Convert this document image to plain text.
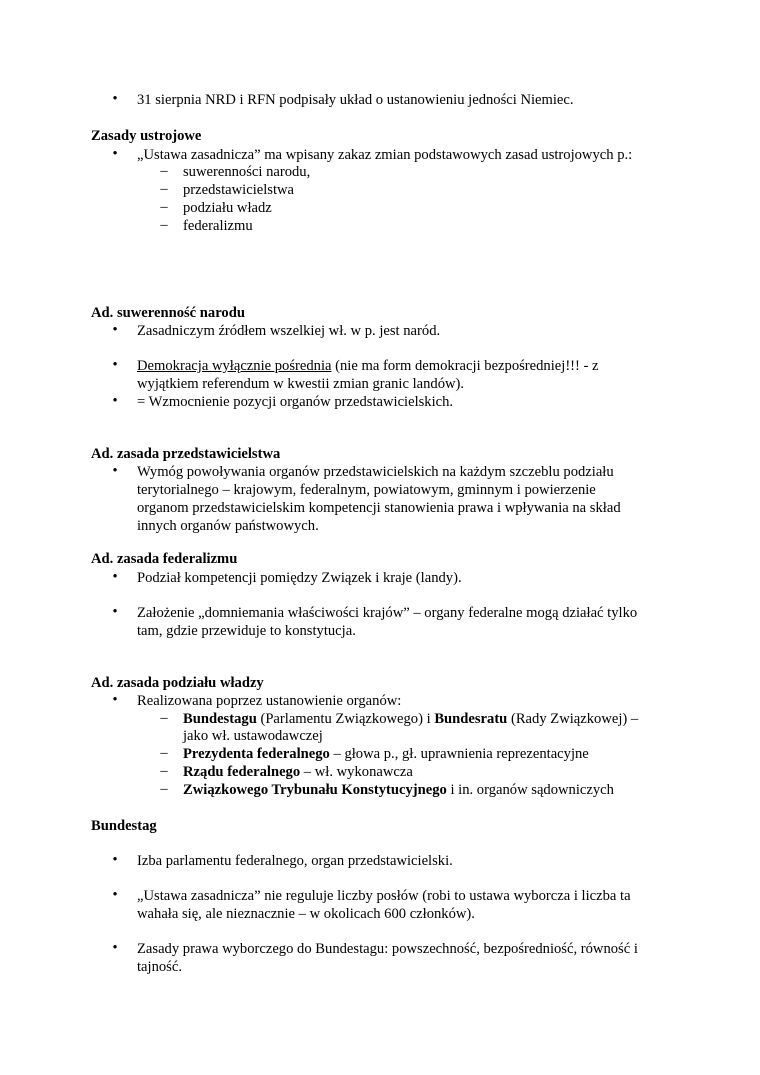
• 31 sierpnia NRD i RFN podpisały układ o ustanowieniu jedności Niemiec.
Zasady ustrojowe
• „Ustawa zasadnicza” ma wpisany zakaz zmian podstawowych zasad ustrojowych p.:
– suwerenności narodu,
– przedstawicielstwa
– podziału władz
– federalizmu
Ad. suwerenność narodu
• Zasadniczym źródłem wszelkiej wł. w p. jest naród.
• Demokracja wyłącznie pośrednia (nie ma form demokracji bezpośredniej!!! - z
wyjątkiem referendum w kwestii zmian granic landów).
• = Wzmocnienie pozycji organów przedstawicielskich.
Ad. zasada przedstawicielstwa
• Wymóg powoływania organów przedstawicielskich na każdym szczeblu podziału
terytorialnego – krajowym, federalnym, powiatowym, gminnym i powierzenie
organom przedstawicielskim kompetencji stanowienia prawa i wpływania na skład
innych organów państwowych.
Ad. zasada federalizmu
• Podział kompetencji pomiędzy Związek i kraje (landy).
• Założenie „domniemania właściwości krajów” – organy federalne mogą działać tylko
tam, gdzie przewiduje to konstytucja.
Ad. zasada podziału władzy
• Realizowana poprzez ustanowienie organów:
– Bundestagu (Parlamentu Związkowego) i Bundesratu (Rady Związkowej) –
jako wł. ustawodawczej
– Prezydenta federalnego – głowa p., gł. uprawnienia reprezentacyjne
– Rządu federalnego – wł. wykonawcza
– Związkowego Trybunału Konstytucyjnego i in. organów sądowniczych
Bundestag
• Izba parlamentu federalnego, organ przedstawicielski.
• „Ustawa zasadnicza” nie reguluje liczby posłów (robi to ustawa wyborcza i liczba ta
wahała się, ale nieznacznie – w okolicach 600 członków).
• Zasady prawa wyborczego do Bundestagu: powszechność, bezpośredniość, równość i
tajność.
